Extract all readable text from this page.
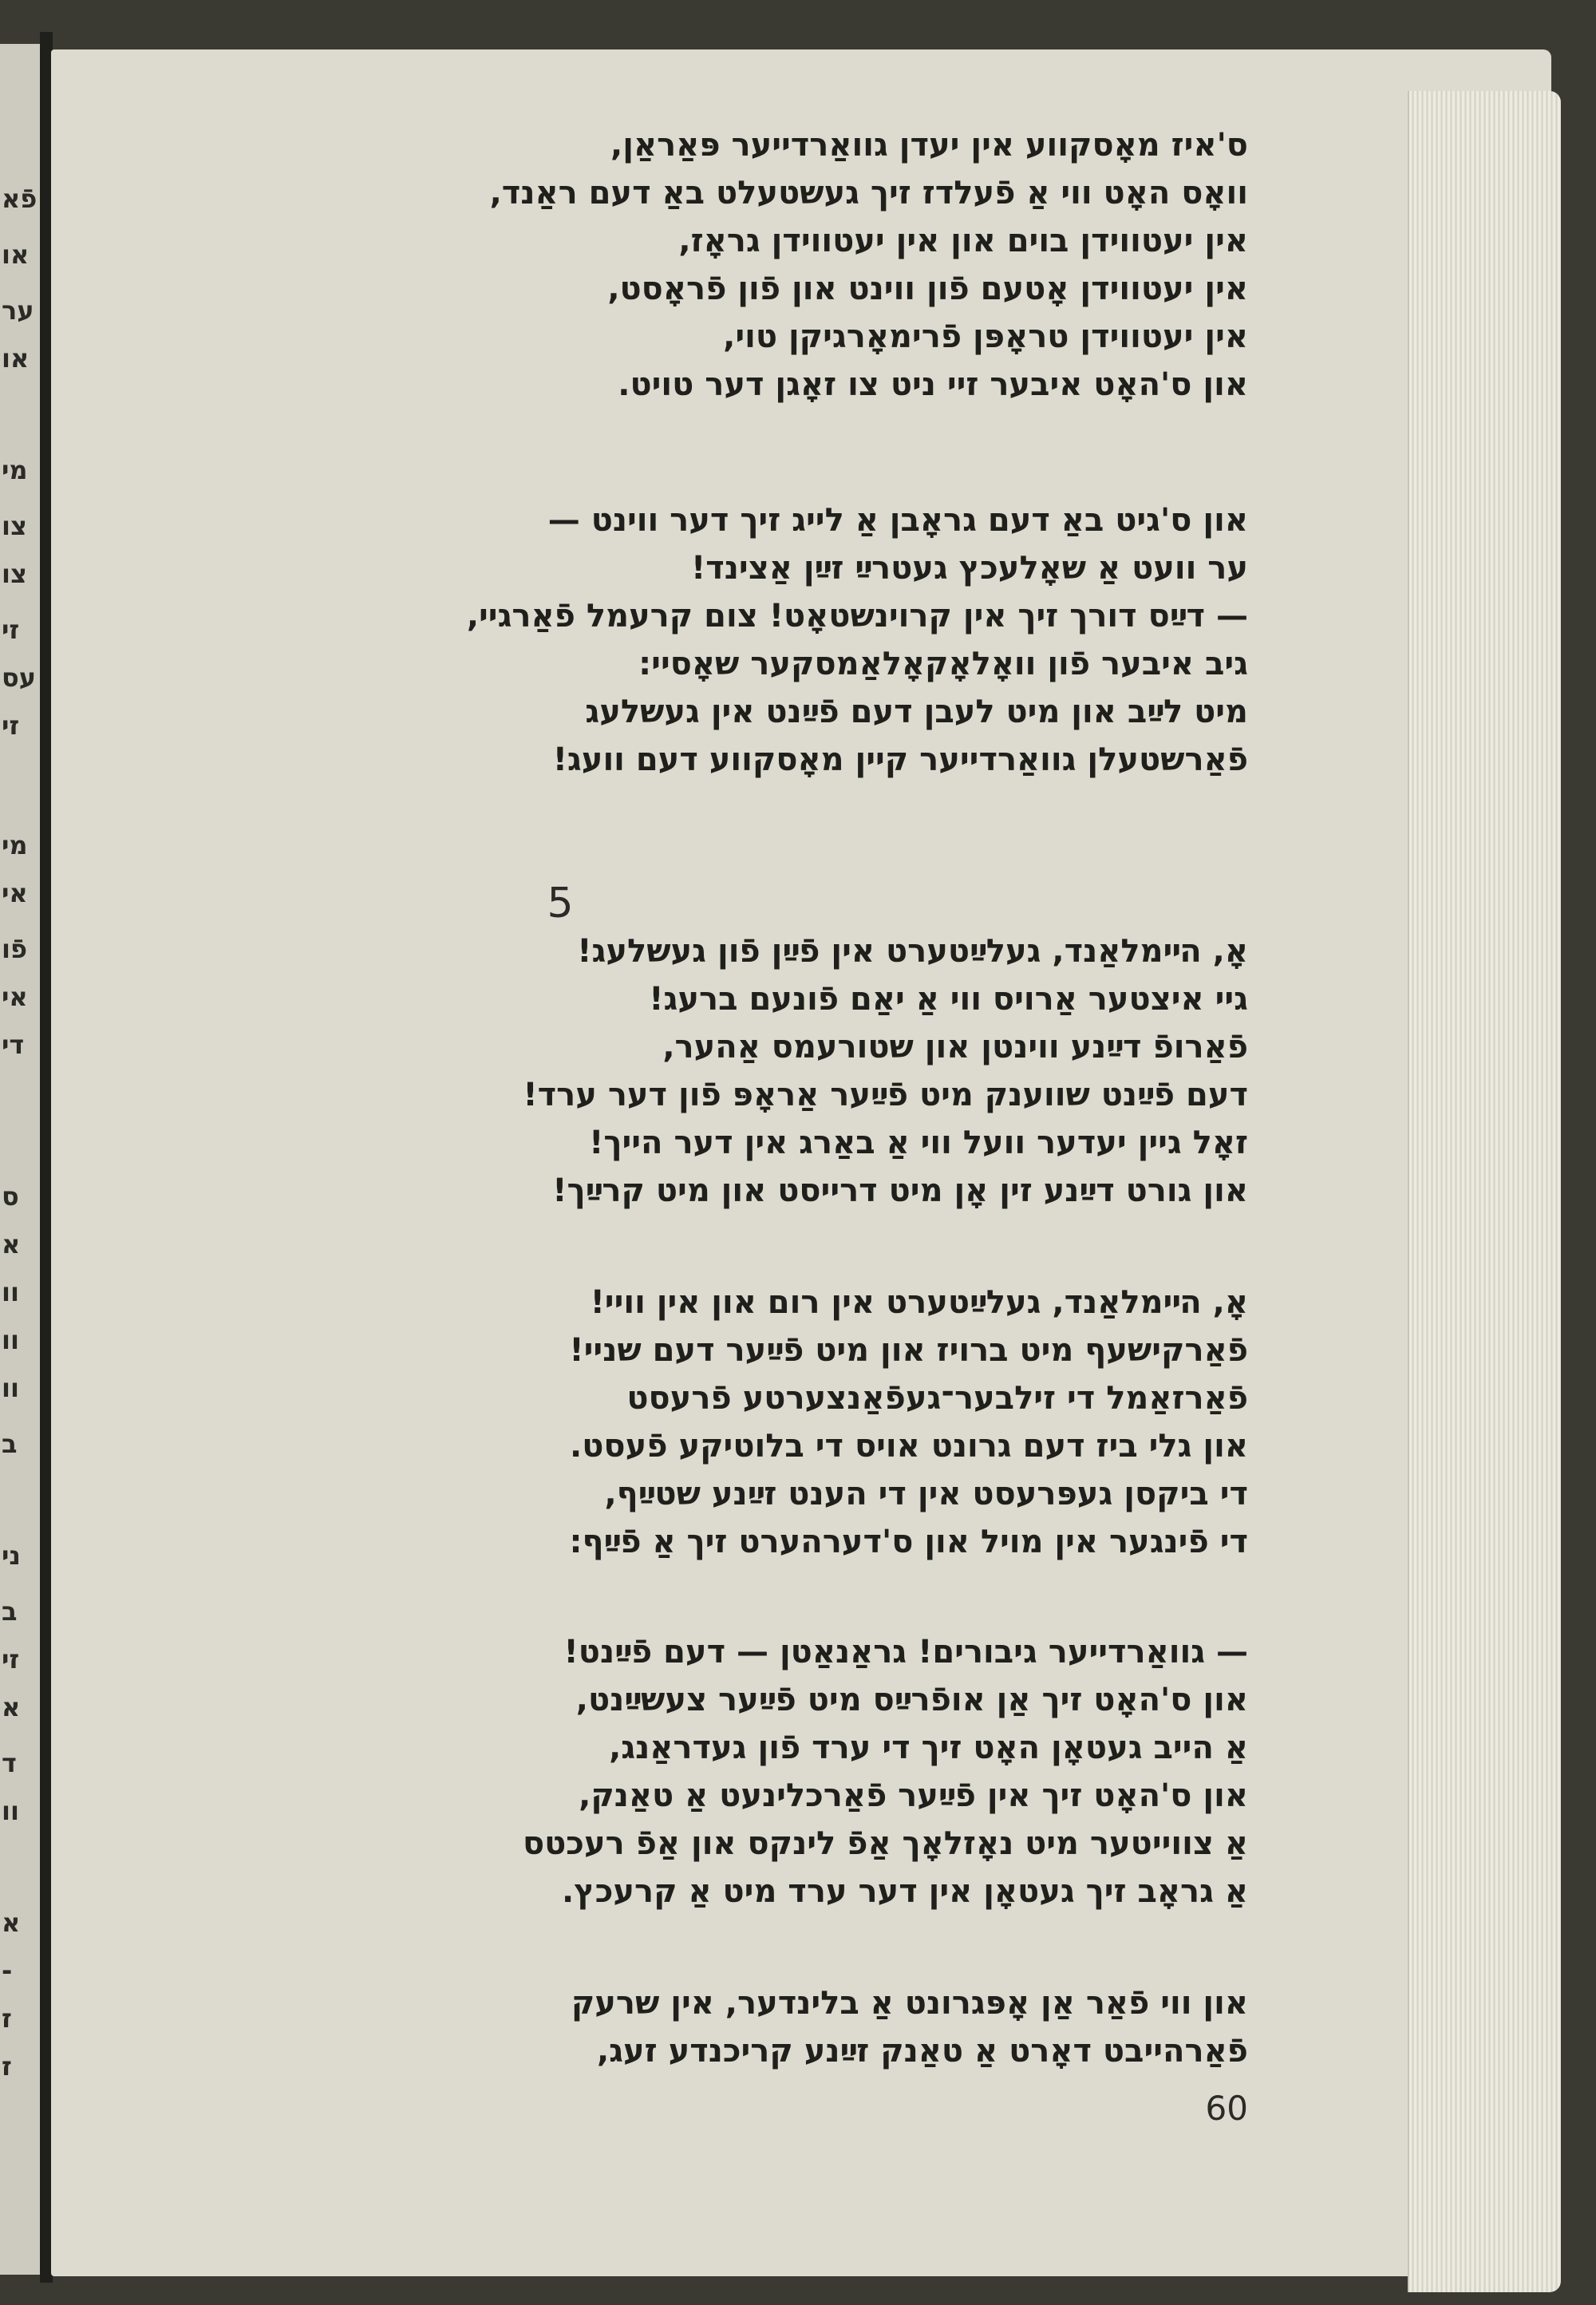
ס'איז מאָסקווע אין יעדן גוואַרדייער פּאַראַן,
וואָס האָט ווי אַ פֿעלדז זיך געשטעלט באַ דעם ראַנד,
אין יעטווידן בוים און אין יעטווידן גראָז,
אין יעטווידן אָטעם פֿון ווינט און פֿון פֿראָסט,
אין יעטווידן טראָפּן פֿרימאָרגיקן טוי,
און ס'האָט איבער זיי ניט צו זאָגן דער טויט.
און ס'גיט באַ דעם גראָבן אַ לייג זיך דער ווינט —
ער וועט אַ שאָלעכץ געטרײַ זײַן אַצינד!
— דײַס דורך זיך אין קרוינשטאָט! צום קרעמל פֿאַרגיי,
גיב איבער פֿון וואָלאָקאָלאַמסקער שאָסיי:
מיט לײַב און מיט לעבן דעם פֿײַנט אין געשלעג
פֿאַרשטעלן גוואַרדייער קיין מאָסקווע דעם וועג!
5
אָ, הײמלאַנד, געלײַטערט אין פֿײַן פֿון געשלעג!
גיי איצטער אַרויס ווי אַ יאַם פֿונעם ברעג!
פֿאַרופֿ דײַנע ווינטן און שטורעמס אַהער,
דעם פֿײַנט שווענק מיט פֿײַער אַראָפּ פֿון דער ערד!
זאָל גיין יעדער וועל ווי אַ באַרג אין דער הייך!
און גורט דײַנע זין אָן מיט דרייסט און מיט קרײַך!
אָ, הײמלאַנד, געלײַטערט אין רום און אין וויי!
פֿאַרקישעף מיט ברויז און מיט פֿײַער דעם שניי!
פֿאַרזאַמל די זילבער־געפֿאַנצערטע פֿרעסט
און גלי ביז דעם גרונט אויס די בלוטיקע פֿעסט.
די ביקסן געפּרעסט אין די הענט זײַנע שטײַף,
די פֿינגער אין מויל און ס'דערהערט זיך אַ פֿײַף:
— גוואַרדייער גיבורים! גראַנאַטן — דעם פֿײַנט!
און ס'האָט זיך אַן אופֿרײַס מיט פֿײַער צעשײַנט,
אַ הייב געטאָן האָט זיך די ערד פֿון געדראַנג,
און ס'האָט זיך אין פֿײַער פֿאַרכלינעט אַ טאַנק,
אַ צווייטער מיט נאָזלאָך אַפֿ לינקס און אַפֿ רעכטס
אַ גראָב זיך געטאָן אין דער ערד מיט אַ קרעכץ.
און ווי פֿאַר אַן אָפּגרונט אַ בלינדער, אין שרעק
פֿאַרהייבט דאָרט אַ טאַנק זײַנע קריכנדע זעג,
60
פֿא
או
ער
או
מי
צו
צו
זי
עס
זי
מי
אי
פֿו
אי
די
ס
א
וו
וו
וו
ב
ני
ב
זי
א
ד
וו
א
-
ז
ז
